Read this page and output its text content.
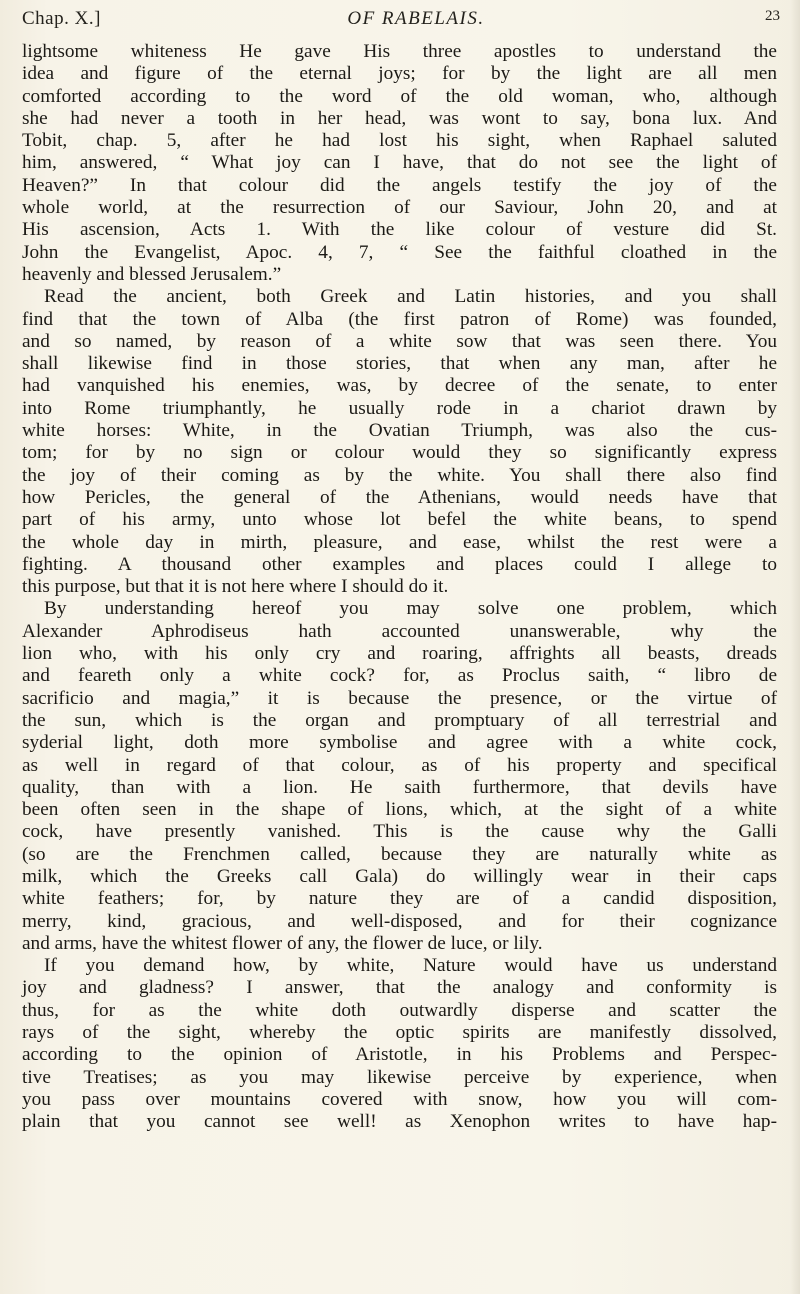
Chap. X.]	OF RABELAIS.	23
lightsome whiteness He gave His three apostles to understand the
idea and figure of the eternal joys; for by the light are all men
comforted according to the word of the old woman, who, although
she had never a tooth in her head, was wont to say, bona lux. And
Tobit, chap. 5, after he had lost his sight, when Raphael saluted
him, answered, “ What joy can I have, that do not see the light of
Heaven?” In that colour did the angels testify the joy of the
whole world, at the resurrection of our Saviour, John 20, and at
His ascension, Acts 1. With the like colour of vesture did St.
John the Evangelist, Apoc. 4, 7, “ See the faithful cloathed in the
heavenly and blessed Jerusalem.”
Read the ancient, both Greek and Latin histories, and you shall
find that the town of Alba (the first patron of Rome) was founded,
and so named, by reason of a white sow that was seen there. You
shall likewise find in those stories, that when any man, after he
had vanquished his enemies, was, by decree of the senate, to enter
into Rome triumphantly, he usually rode in a chariot drawn by
white horses: White, in the Ovatian Triumph, was also the cus-
tom; for by no sign or colour would they so significantly express
the joy of their coming as by the white. You shall there also find
how Pericles, the general of the Athenians, would needs have that
part of his army, unto whose lot befel the white beans, to spend
the whole day in mirth, pleasure, and ease, whilst the rest were a
fighting. A thousand other examples and places could I allege to
this purpose, but that it is not here where I should do it.
By understanding hereof you may solve one problem, which
Alexander Aphrodiseus hath accounted unanswerable, why the
lion who, with his only cry and roaring, affrights all beasts, dreads
and feareth only a white cock? for, as Proclus saith, “ libro de
sacrificio and magia,” it is because the presence, or the virtue of
the sun, which is the organ and promptuary of all terrestrial and
syderial light, doth more symbolise and agree with a white cock,
as well in regard of that colour, as of his property and specifical
quality, than with a lion. He saith furthermore, that devils have
been often seen in the shape of lions, which, at the sight of a white
cock, have presently vanished. This is the cause why the Galli
(so are the Frenchmen called, because they are naturally white as
milk, which the Greeks call Gala) do willingly wear in their caps
white feathers; for, by nature they are of a candid disposition,
merry, kind, gracious, and well-disposed, and for their cognizance
and arms, have the whitest flower of any, the flower de luce, or lily.
If you demand how, by white, Nature would have us understand
joy and gladness? I answer, that the analogy and conformity is
thus, for as the white doth outwardly disperse and scatter the
rays of the sight, whereby the optic spirits are manifestly dissolved,
according to the opinion of Aristotle, in his Problems and Perspec-
tive Treatises; as you may likewise perceive by experience, when
you pass over mountains covered with snow, how you will com-
plain that you cannot see well! as Xenophon writes to have hap-
